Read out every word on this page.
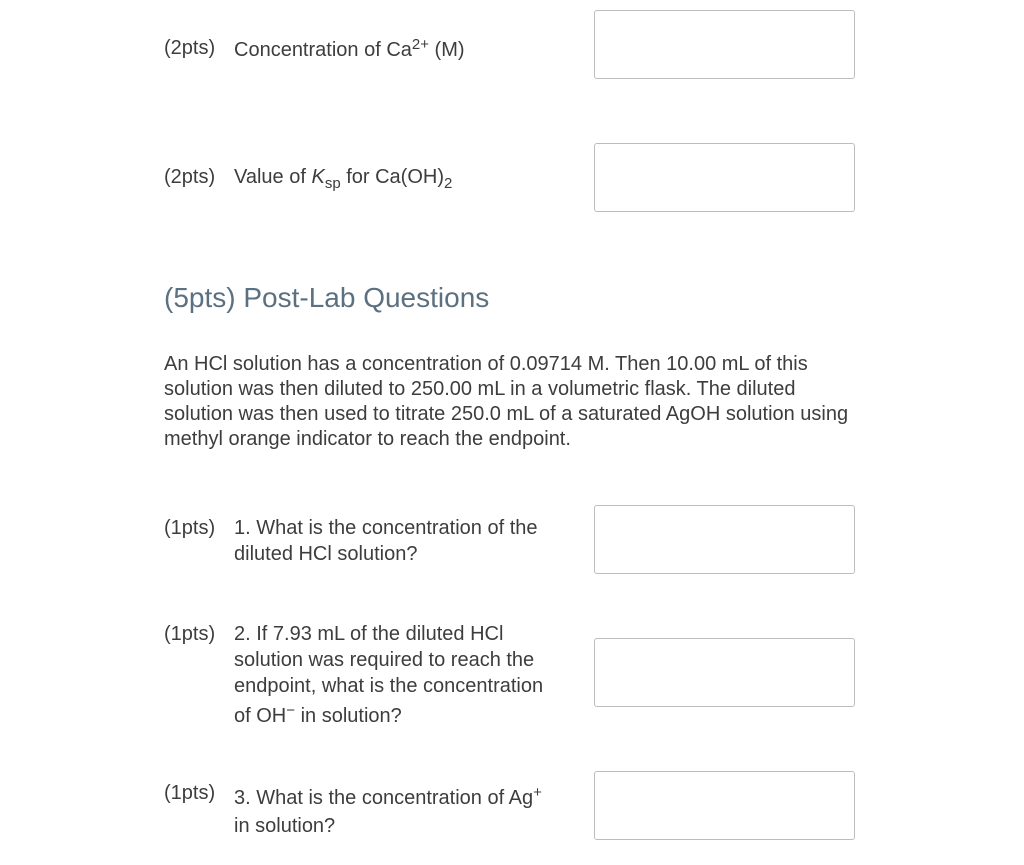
(2pts) Concentration of $Ca^{2+}$ (M)
(2pts) Value of $K_{sp}$ for $Ca(OH)_2$
(5pts) Post-Lab Questions

An HCl solution has a concentration of 0.09714 M. Then 10.00 mL of this solution was then diluted to 250.00 mL in a volumetric flask. The diluted solution was then used to titrate 250.0 mL of a saturated AgOH solution using methyl orange indicator to reach the endpoint.

(1pts) 1. What is the concentration of the
diluted HCl solution?
(1pts) 2. If 7.93 mL of the diluted HCl
solution was required to reach the
endpoint, what is the concentration
of OH− in solution?
(1pts) 3. What is the concentration of Ag+
in solution?
